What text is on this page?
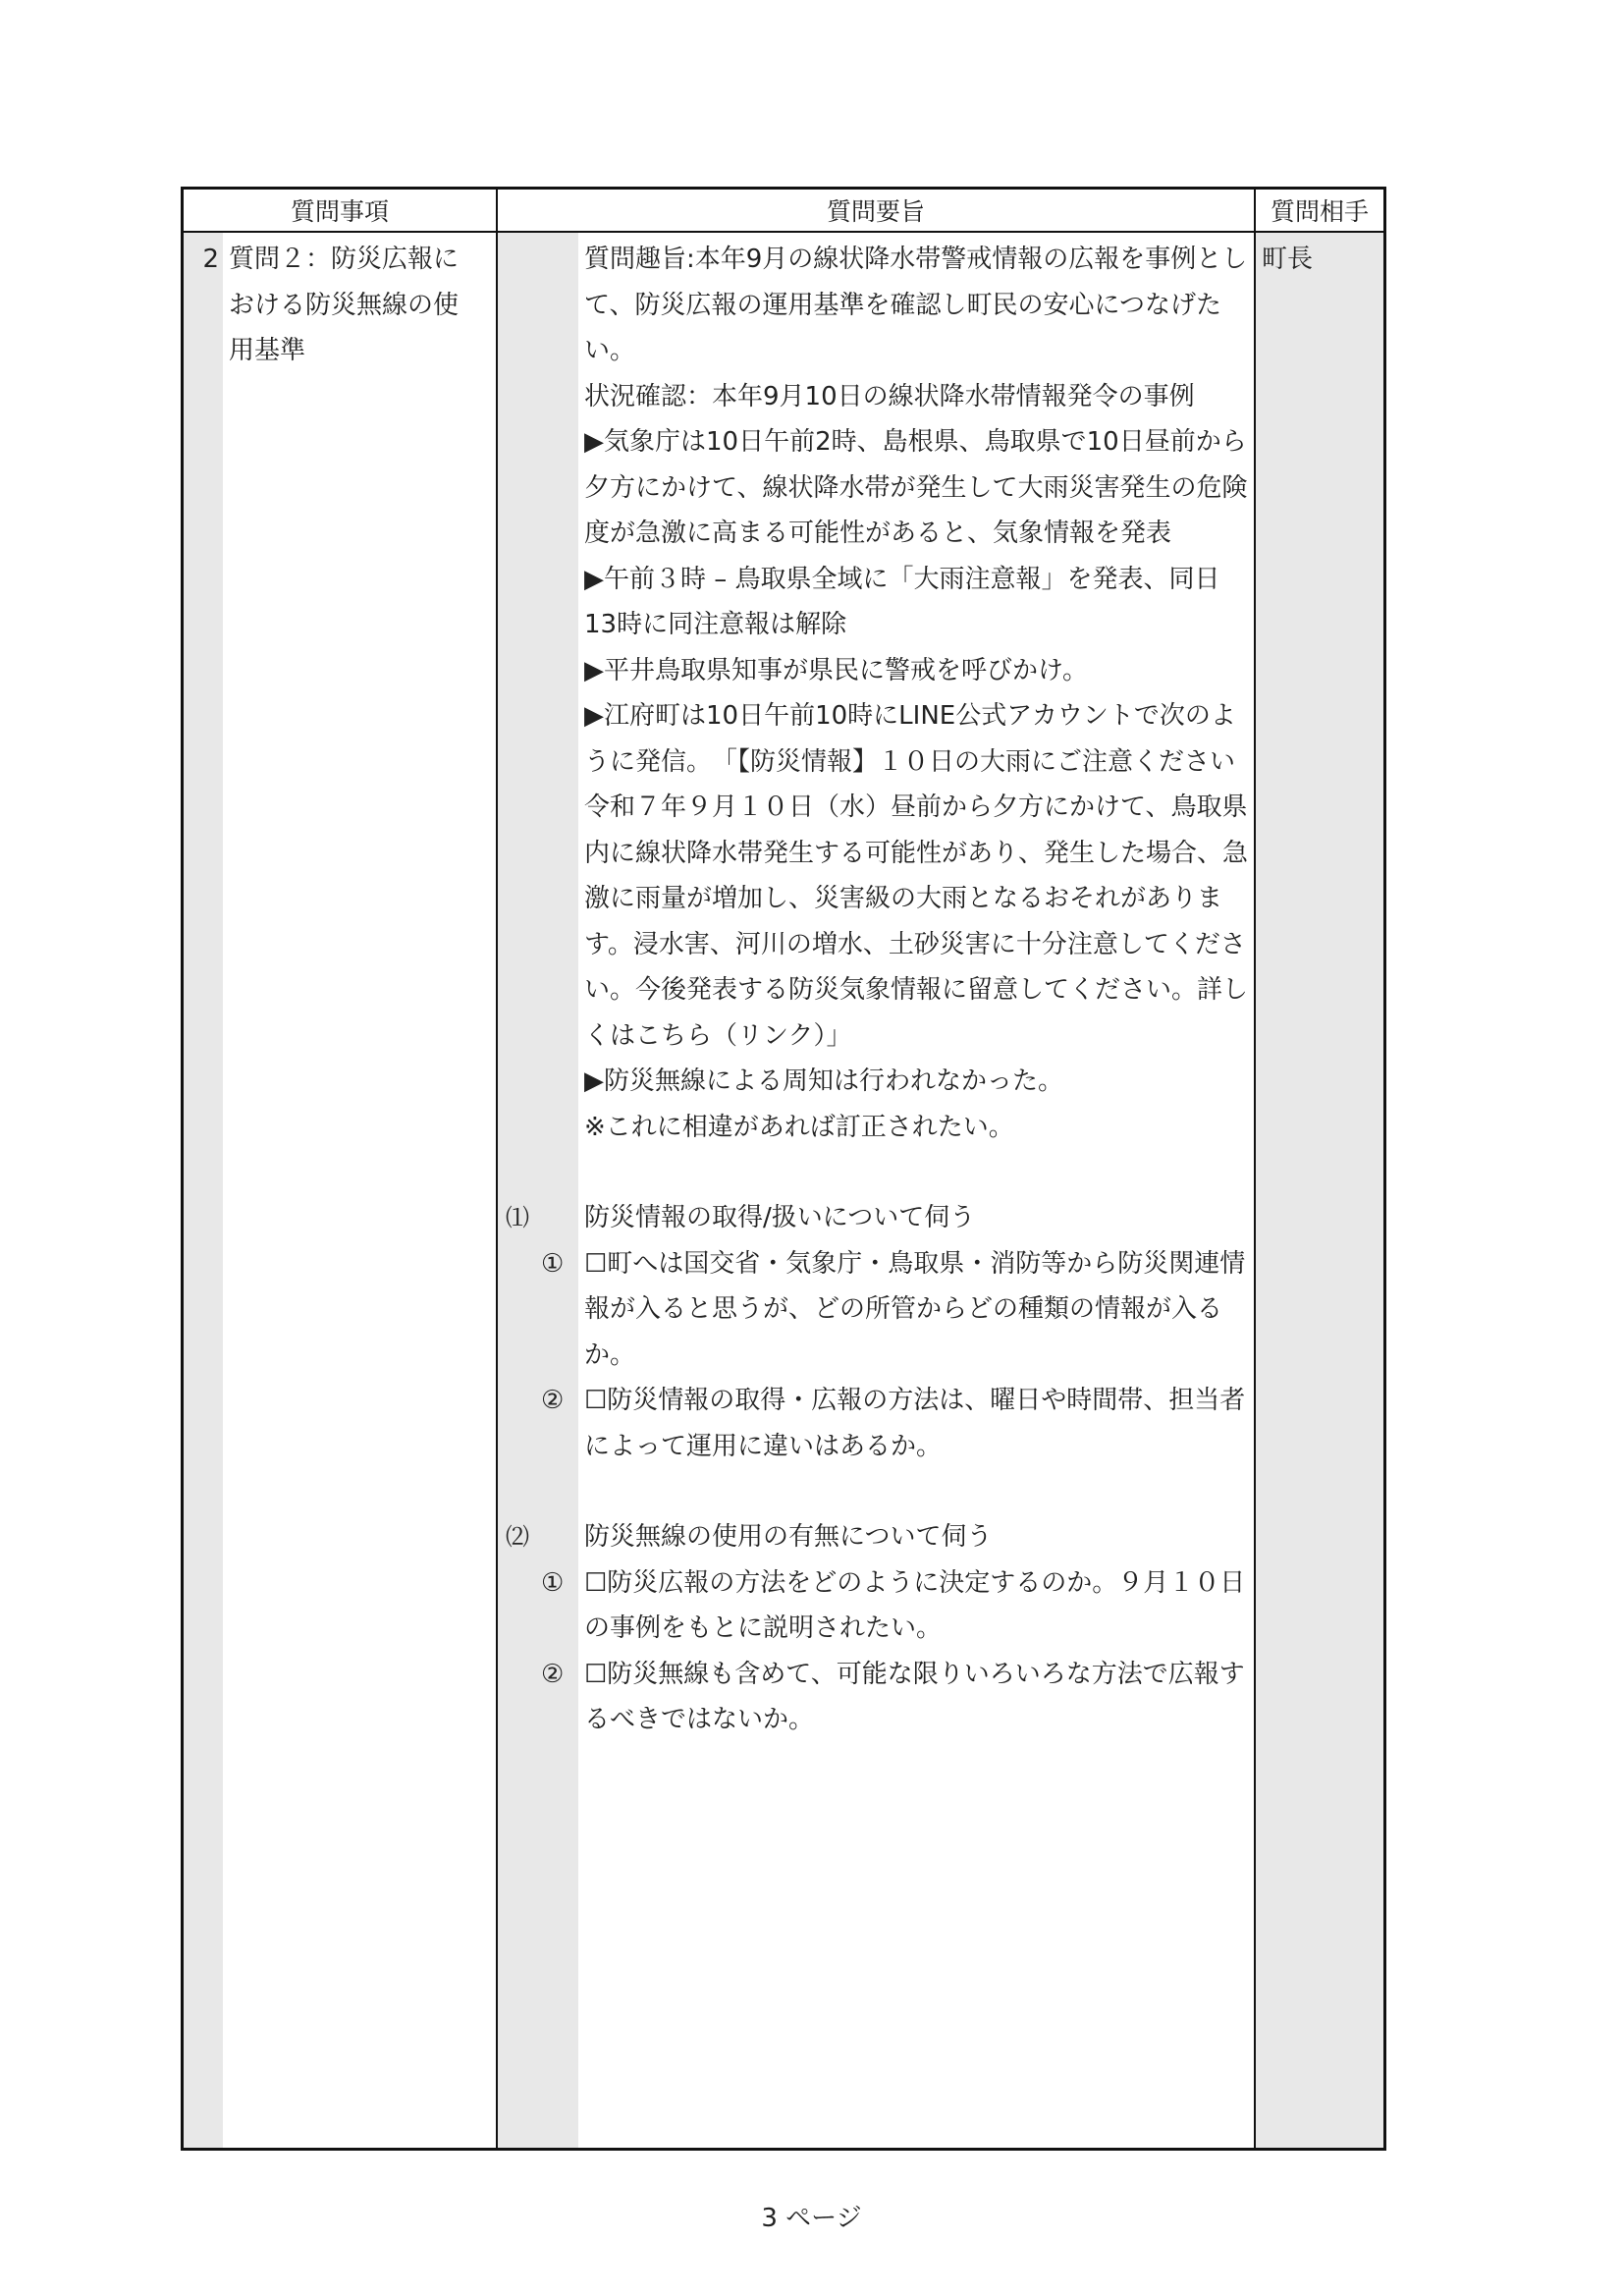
質問事項	質問要旨	質問相手
2 質問２：防災広報に
おける防災無線の使
用基準
町長

質問趣旨:本年9月の線状降水帯警戒情報の広報を事例として、防災広報の運用基準を確認し町民の安心につなげたい。

状況確認：本年9月10日の線状降水帯情報発令の事例

▶気象庁は10日午前2時、島根県、鳥取県で10日昼前から夕方にかけて、線状降水帯が発生して大雨災害発生の危険度が急激に高まる可能性があると、気象情報を発表

▶午前３時 – 鳥取県全域に「大雨注意報」を発表、同日13時に同注意報は解除

▶平井鳥取県知事が県民に警戒を呼びかけ。

▶江府町は10日午前10時にLINE公式アカウントで次のように発信。　「【防災情報】１０日の大雨にご注意ください令和７年９月１０日（水）昼前から夕方にかけて、鳥取県内に線状降水帯発生する可能性があり、発生した場合、急激に雨量が増加し、災害級の大雨となるおそれがあります。浸水害、河川の増水、土砂災害に十分注意してください。今後発表する防災気象情報に留意してください。詳しくはこちら（リンク）」

▶防災無線による周知は行われなかった。

※これに相違があれば訂正されたい。

⑴ 防災情報の取得/扱いについて伺う

① ☐町へは国交省・気象庁・鳥取県・消防等から防災関連情報が入ると思うが、どの所管からどの種類の情報が入るか。

② ☐防災情報の取得・広報の方法は、曜日や時間帯、担当者によって運用に違いはあるか。

⑵ 防災無線の使用の有無について伺う

① ☐防災広報の方法をどのように決定するのか。９月１０日の事例をもとに説明されたい。

② ☐防災無線も含めて、可能な限りいろいろな方法で広報するべきではないか。

3 ページ
